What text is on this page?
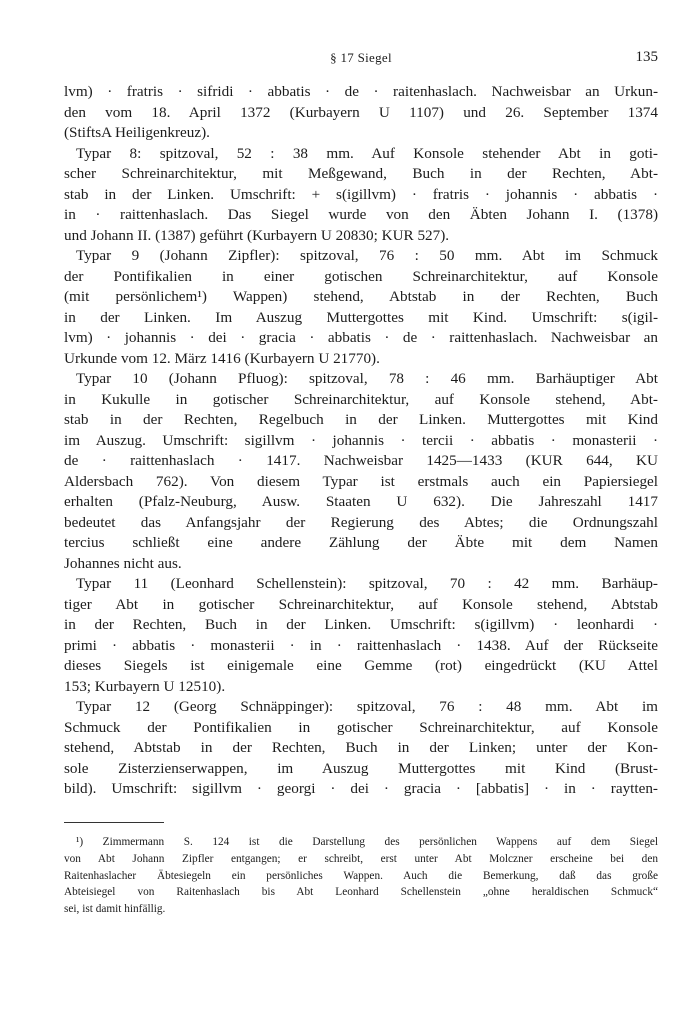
§ 17 Siegel	135
lvm) · fratris · sifridi · abbatis · de · raitenhaslach. Nachweisbar an Urkun-
den vom 18. April 1372 (Kurbayern U 1107) und 26. September 1374
(StiftsA Heiligenkreuz).
Typar 8: spitzoval, 52 : 38 mm. Auf Konsole stehender Abt in goti-
scher Schreinarchitektur, mit Meßgewand, Buch in der Rechten, Abt-
stab in der Linken. Umschrift: + s(igillvm) · fratris · johannis · abbatis ·
in · raittenhaslach. Das Siegel wurde von den Äbten Johann I. (1378)
und Johann II. (1387) geführt (Kurbayern U 20830; KUR 527).
Typar 9 (Johann Zipfler): spitzoval, 76 : 50 mm. Abt im Schmuck
der Pontifikalien in einer gotischen Schreinarchitektur, auf Konsole
(mit persönlichem¹) Wappen) stehend, Abtstab in der Rechten, Buch
in der Linken. Im Auszug Muttergottes mit Kind. Umschrift: s(igil-
lvm) · johannis · dei · gracia · abbatis · de · raittenhaslach. Nachweisbar an
Urkunde vom 12. März 1416 (Kurbayern U 21770).
Typar 10 (Johann Pfluog): spitzoval, 78 : 46 mm. Barhäuptiger Abt
in Kukulle in gotischer Schreinarchitektur, auf Konsole stehend, Abt-
stab in der Rechten, Regelbuch in der Linken. Muttergottes mit Kind
im Auszug. Umschrift: sigillvm · johannis · tercii · abbatis · monasterii ·
de · raittenhaslach · 1417. Nachweisbar 1425—1433 (KUR 644, KU
Aldersbach 762). Von diesem Typar ist erstmals auch ein Papiersiegel
erhalten (Pfalz-Neuburg, Ausw. Staaten U 632). Die Jahreszahl 1417
bedeutet das Anfangsjahr der Regierung des Abtes; die Ordnungszahl
tercius schließt eine andere Zählung der Äbte mit dem Namen
Johannes nicht aus.
Typar 11 (Leonhard Schellenstein): spitzoval, 70 : 42 mm. Barhäup-
tiger Abt in gotischer Schreinarchitektur, auf Konsole stehend, Abtstab
in der Rechten, Buch in der Linken. Umschrift: s(igillvm) · leonhardi ·
primi · abbatis · monasterii · in · raittenhaslach · 1438. Auf der Rückseite
dieses Siegels ist einigemale eine Gemme (rot) eingedrückt (KU Attel
153; Kurbayern U 12510).
Typar 12 (Georg Schnäppinger): spitzoval, 76 : 48 mm. Abt im
Schmuck der Pontifikalien in gotischer Schreinarchitektur, auf Konsole
stehend, Abtstab in der Rechten, Buch in der Linken; unter der Kon-
sole Zisterzienserwappen, im Auszug Muttergottes mit Kind (Brust-
bild). Umschrift: sigillvm · georgi · dei · gracia · [abbatis] · in · raytten-
¹) Zimmermann S. 124 ist die Darstellung des persönlichen Wappens auf dem Siegel
von Abt Johann Zipfler entgangen; er schreibt, erst unter Abt Molczner erscheine bei den
Raitenhaslacher Äbtesiegeln ein persönliches Wappen. Auch die Bemerkung, daß das große
Abteisiegel von Raitenhaslach bis Abt Leonhard Schellenstein „ohne heraldischen Schmuck“
sei, ist damit hinfällig.
